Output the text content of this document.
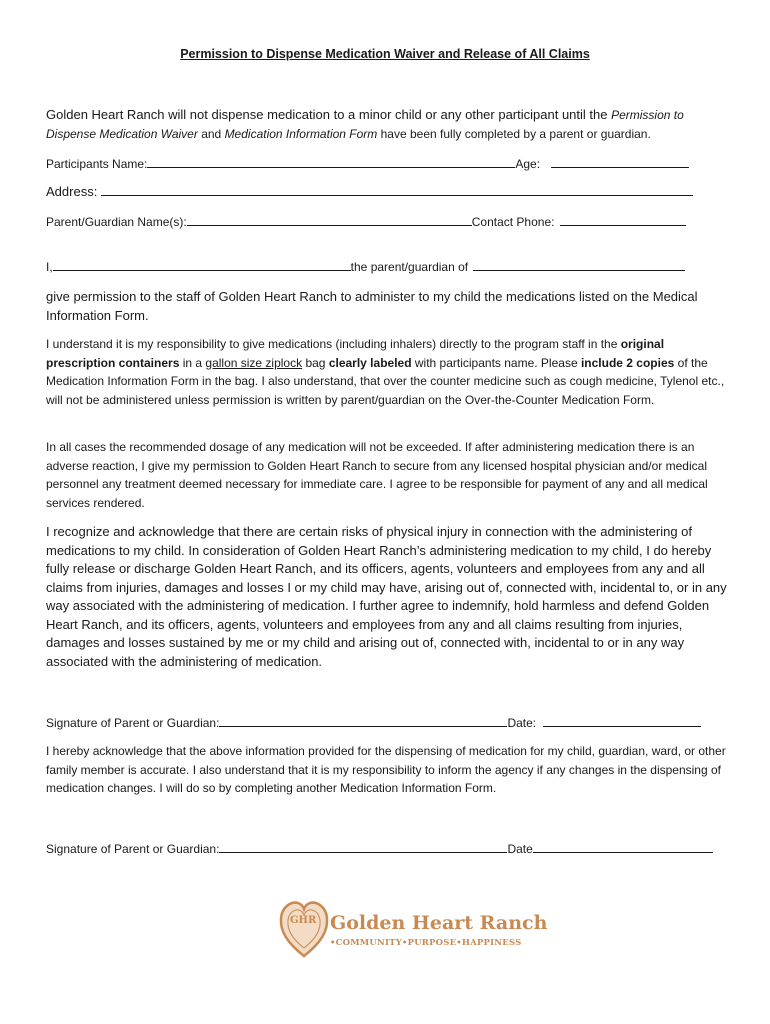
Permission to Dispense Medication Waiver and Release of All Claims
Golden Heart Ranch will not dispense medication to a minor child or any other participant until the Permission to Dispense Medication Waiver and Medication Information Form have been fully completed by a parent or guardian.
Participants Name:	Age:
Address:
Parent/Guardian Name(s):	Contact Phone:
I,	the parent/guardian of
give permission to the staff of Golden Heart Ranch to administer to my child the medications listed on the Medical Information Form.
I understand it is my responsibility to give medications (including inhalers) directly to the program staff in the original prescription containers in a gallon size ziplock bag clearly labeled with participants name. Please include 2 copies of the Medication Information Form in the bag. I also understand, that over the counter medicine such as cough medicine, Tylenol etc., will not be administered unless permission is written by parent/guardian on the Over-the-Counter Medication Form.
In all cases the recommended dosage of any medication will not be exceeded. If after administering medication there is an adverse reaction, I give my permission to Golden Heart Ranch to secure from any licensed hospital physician and/or medical personnel any treatment deemed necessary for immediate care. I agree to be responsible for payment of any and all medical services rendered.
I recognize and acknowledge that there are certain risks of physical injury in connection with the administering of medications to my child. In consideration of Golden Heart Ranch’s administering medication to my child, I do hereby fully release or discharge Golden Heart Ranch, and its officers, agents, volunteers and employees from any and all claims from injuries, damages and losses I or my child may have, arising out of, connected with, incidental to, or in any way associated with the administering of medication. I further agree to indemnify, hold harmless and defend Golden Heart Ranch, and its officers, agents, volunteers and employees from any and all claims resulting from injuries, damages and losses sustained by me or my child and arising out of, connected with, incidental to or in any way associated with the administering of medication.
Signature of Parent or Guardian:	Date:
I hereby acknowledge that the above information provided for the dispensing of medication for my child, guardian, ward, or other family member is accurate. I also understand that it is my responsibility to inform the agency if any changes in the dispensing of medication changes. I will do so by completing another Medication Information Form.
Signature of Parent or Guardian:	Date
GHR Golden Heart Ranch
•COMMUNITY•PURPOSE•HAPPINESS
